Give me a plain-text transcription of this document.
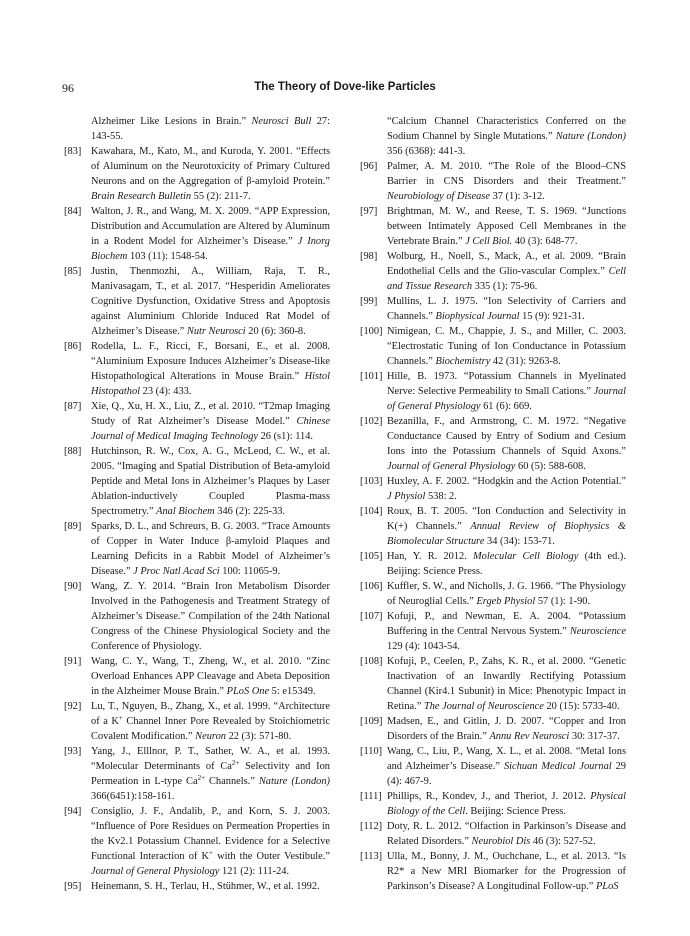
96	The Theory of Dove-like Particles
Alzheimer Like Lesions in Brain.” Neurosci Bull 27: 143-55.
[83] Kawahara, M., Kato, M., and Kuroda, Y. 2001. “Effects of Aluminum on the Neurotoxicity of Primary Cultured Neurons and on the Aggregation of β-amyloid Protein.” Brain Research Bulletin 55 (2): 211-7.
[84] Walton, J. R., and Wang, M. X. 2009. “APP Expression, Distribution and Accumulation are Altered by Aluminum in a Rodent Model for Alzheimer’s Disease.” J Inorg Biochem 103 (11): 1548-54.
[85] Justin, Thenmozhi, A., William, Raja, T. R., Manivasagam, T., et al. 2017. “Hesperidin Ameliorates Cognitive Dysfunction, Oxidative Stress and Apoptosis against Aluminium Chloride Induced Rat Model of Alzheimer’s Disease.” Nutr Neurosci 20 (6): 360-8.
[86] Rodella, L. F., Ricci, F., Borsani, E., et al. 2008. “Aluminium Exposure Induces Alzheimer’s Disease-like Histopathological Alterations in Mouse Brain.” Histol Histopathol 23 (4): 433.
[87] Xie, Q., Xu, H. X., Liu, Z., et al. 2010. “T2map Imaging Study of Rat Alzheimer’s Disease Model.” Chinese Journal of Medical Imaging Technology 26 (s1): 114.
[88] Hutchinson, R. W., Cox, A. G., McLeod, C. W., et al. 2005. “Imaging and Spatial Distribution of Beta-amyloid Peptide and Metal Ions in Alzheimer’s Plaques by Laser Ablation-inductively Coupled Plasma-mass Spectrometry.” Anal Biochem 346 (2): 225-33.
[89] Sparks, D. L., and Schreurs, B. G. 2003. “Trace Amounts of Copper in Water Induce β-amyloid Plaques and Learning Deficits in a Rabbit Model of Alzheimer’s Disease.” J Proc Natl Acad Sci 100: 11065-9.
[90] Wang, Z. Y. 2014. “Brain Iron Metabolism Disorder Involved in the Pathogenesis and Treatment Strategy of Alzheimer’s Disease.” Compilation of the 24th National Congress of the Chinese Physiological Society and the Conference of Physiology.
[91] Wang, C. Y., Wang, T., Zheng, W., et al. 2010. “Zinc Overload Enhances APP Cleavage and Abeta Deposition in the Alzheimer Mouse Brain.” PLoS One 5: e15349.
[92] Lu, T., Nguyen, B., Zhang, X., et al. 1999. “Architecture of a K+ Channel Inner Pore Revealed by Stoichiometric Covalent Modification.” Neuron 22 (3): 571-80.
[93] Yang, J., Elllnor, P. T., Sather, W. A., et al. 1993. “Molecular Determinants of $Ca^{2+}$ Selectivity and Ion Permeation in L-type $Ca^{2+}$ Channels.” Nature (London) 366(6451):158-161.
[94] Consiglio, J. F., Andalib, P., and Korn, S. J. 2003. “Influence of Pore Residues on Permeation Properties in the Kv2.1 Potassium Channel. Evidence for a Selective Functional Interaction of K+ with the Outer Vestibule.” Journal of General Physiology 121 (2): 111-24.
[95] Heinemann, S. H., Terlau, H., Stühmer, W., et al. 1992.
“Calcium Channel Characteristics Conferred on the Sodium Channel by Single Mutations.” Nature (London) 356 (6368): 441-3.
[96] Palmer, A. M. 2010. “The Role of the Blood–CNS Barrier in CNS Disorders and their Treatment.” Neurobiology of Disease 37 (1): 3-12.
[97] Brightman, M. W., and Reese, T. S. 1969. “Junctions between Intimately Apposed Cell Membranes in the Vertebrate Brain.” J Cell Biol. 40 (3): 648-77.
[98] Wolburg, H., Noell, S., Mack, A., et al. 2009. “Brain Endothelial Cells and the Glio-vascular Complex.” Cell and Tissue Research 335 (1): 75-96.
[99] Mullins, L. J. 1975. “Ion Selectivity of Carriers and Channels.” Biophysical Journal 15 (9): 921-31.
[100] Nimigean, C. M., Chappie, J. S., and Miller, C. 2003. “Electrostatic Tuning of Ion Conductance in Potassium Channels.” Biochemistry 42 (31): 9263-8.
[101] Hille, B. 1973. “Potassium Channels in Myelinated Nerve: Selective Permeability to Small Cations.” Journal of General Physiology 61 (6): 669.
[102] Bezanilla, F., and Armstrong, C. M. 1972. “Negative Conductance Caused by Entry of Sodium and Cesium Ions into the Potassium Channels of Squid Axons.” Journal of General Physiology 60 (5): 588-608.
[103] Huxley, A. F. 2002. “Hodgkin and the Action Potential.” J Physiol 538: 2.
[104] Roux, B. T. 2005. “Ion Conduction and Selectivity in K(+) Channels.” Annual Review of Biophysics & Biomolecular Structure 34 (34): 153-71.
[105] Han, Y. R. 2012. Molecular Cell Biology (4th ed.). Beijing: Science Press.
[106] Kuffler, S. W., and Nicholls, J. G. 1966. “The Physiology of Neuroglial Cells.” Ergeb Physiol 57 (1): 1-90.
[107] Kofuji, P., and Newman, E. A. 2004. “Potassium Buffering in the Central Nervous System.” Neuroscience 129 (4): 1043-54.
[108] Kofuji, P., Ceelen, P., Zahs, K. R., et al. 2000. “Genetic Inactivation of an Inwardly Rectifying Potassium Channel (Kir4.1 Subunit) in Mice: Phenotypic Impact in Retina.” The Journal of Neuroscience 20 (15): 5733-40.
[109] Madsen, E., and Gitlin, J. D. 2007. “Copper and Iron Disorders of the Brain.” Annu Rev Neurosci 30: 317-37.
[110] Wang, C., Liu, P., Wang, X. L., et al. 2008. “Metal Ions and Alzheimer’s Disease.” Sichuan Medical Journal 29 (4): 467-9.
[111] Phillips, R., Kondev, J., and Theriot, J. 2012. Physical Biology of the Cell. Beijing: Science Press.
[112] Doty, R. L. 2012. “Olfaction in Parkinson’s Disease and Related Disorders.” Neurobiol Dis 46 (3): 527-52.
[113] Ulla, M., Bonny, J. M., Ouchchane, L., et al. 2013. “Is R2* a New MRI Biomarker for the Progression of Parkinson’s Disease? A Longitudinal Follow-up.” PLoS
